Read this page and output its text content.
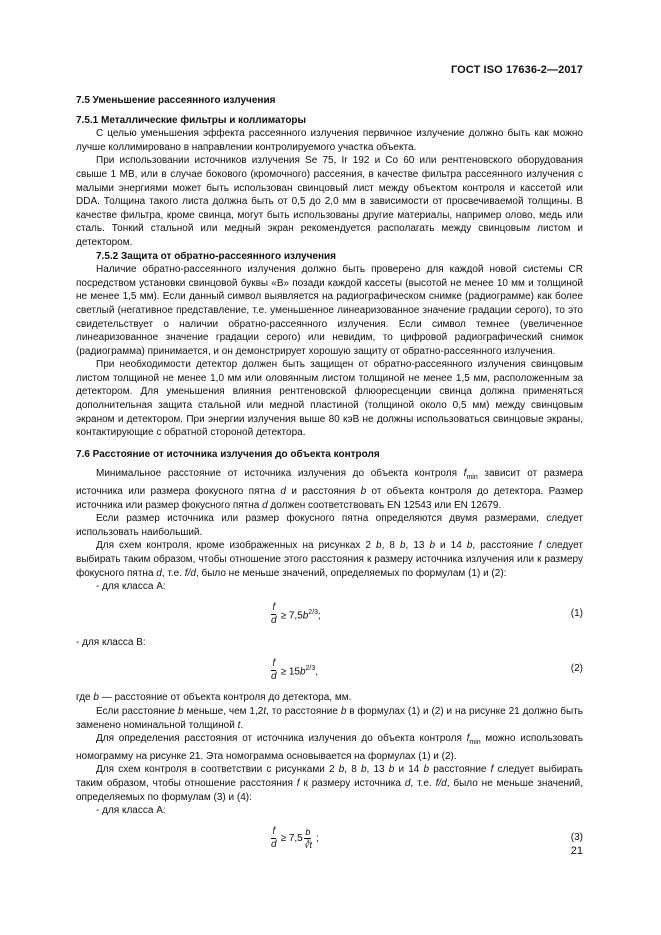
ГОСТ ISO 17636-2—2017

7.5 Уменьшение рассеянного излучения

7.5.1 Металлические фильтры и коллиматоры

С целью уменьшения эффекта рассеянного излучения первичное излучение должно быть как можно лучше коллимировано в направлении контролируемого участка объекта.

При использовании источников излучения Se 75, Ir 192 и Co 60 или рентгеновского оборудования свыше 1 МВ, или в случае бокового (кромочного) рассеяния, в качестве фильтра рассеянного излучения с малыми энергиями может быть использован свинцовый лист между объектом контроля и кассетой или DDA. Толщина такого листа должна быть от 0,5 до 2,0 мм в зависимости от просвечиваемой толщины. В качестве фильтра, кроме свинца, могут быть использованы другие материалы, например олово, медь или сталь. Тонкий стальной или медный экран рекомендуется располагать между свинцовым листом и детектором.

7.5.2 Защита от обратно-рассеянного излучения

Наличие обратно-рассеянного излучения должно быть проверено для каждой новой системы CR посредством установки свинцовой буквы «В» позади каждой кассеты (высотой не менее 10 мм и толщиной не менее 1,5 мм). Если данный символ выявляется на радиографическом снимке (радиограмме) как более светлый (негативное представление, т.е. уменьшенное линеаризованное значение градации серого), то это свидетельствует о наличии обратно-рассеянного излучения. Если символ темнее (увеличенное линеаризованное значение градации серого) или невидим, то цифровой радиографический снимок (радиограмма) принимается, и он демонстрирует хорошую защиту от обратно-рассеянного излучения.

При необходимости детектор должен быть защищен от обратно-рассеянного излучения свинцовым листом толщиной не менее 1,0 мм или оловянным листом толщиной не менее 1,5 мм, расположенным за детектором. Для уменьшения влияния рентгеновской флюоресценции свинца должна применяться дополнительная защита стальной или медной пластиной (толщиной около 0,5 мм) между свинцовым экраном и детектором. При энергии излучения выше 80 кэВ не должны использоваться свинцовые экраны, контактирующие с обратной стороной детектора.

7.6 Расстояние от источника излучения до объекта контроля

Минимальное расстояние от источника излучения до объекта контроля $f_{min}$ зависит от размера источника или размера фокусного пятна d и расстояния b от объекта контроля до детектора. Размер источника или размер фокусного пятна d должен соответствовать EN 12543 или EN 12679.

Если размер источника или размер фокусного пятна определяются двумя размерами, следует использовать наибольший.

Для схем контроля, кроме изображенных на рисунках 2 b, 8 b, 13 b и 14 b, расстояние f следует выбирать таким образом, чтобы отношение этого расстояния к размеру источника излучения или к размеру фокусного пятна d, т.е. f/d, было не меньше значений, определяемых по формулам (1) и (2):

- для класса А:

$\frac{f}{d} \ge 7,5b^{2/3}$;	(1)

- для класса В:

$\frac{f}{d} \ge 15b^{2/3}$,	(2)

где b — расстояние от объекта контроля до детектора, мм.

Если расстояние b меньше, чем 1,2t, то расстояние b в формулах (1) и (2) и на рисунке 21 должно быть заменено номинальной толщиной t.

Для определения расстояния от источника излучения до объекта контроля $f_{min}$ можно использовать номограмму на рисунке 21. Эта номограмма основывается на формулах (1) и (2).

Для схем контроля в соответствии с рисунками 2 b, 8 b, 13 b и 14 b расстояние f следует выбирать таким образом, чтобы отношение расстояния f к размеру источника d, т.е. f/d, было не меньше значений, определяемых по формулам (3) и (4):

- для класса А:

$\frac{f}{d} \ge 7,5 \frac{b}{∛t}$ ;	(3)
21
